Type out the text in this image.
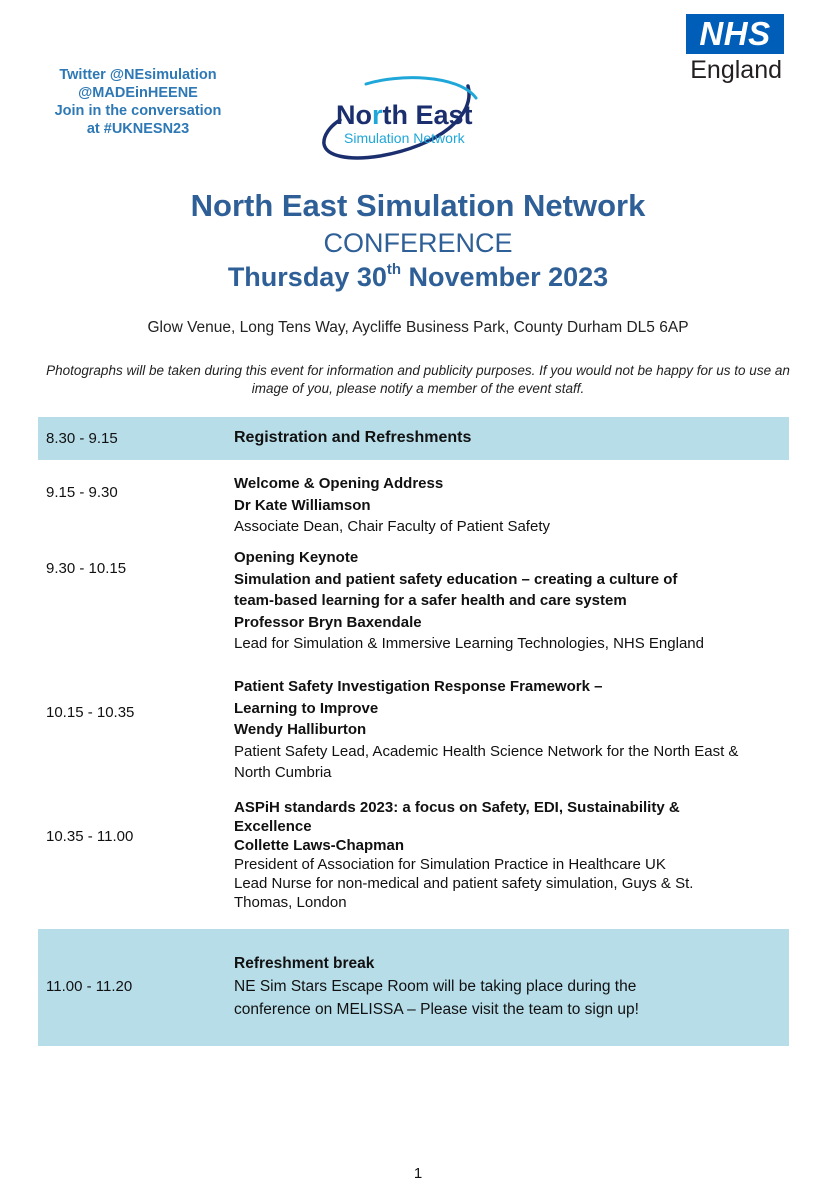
Twitter @NEsimulation
@MADEinHEENE
Join in the conversation
at #UKNESN23	North East
Simulation Network
NHS
England
North East Simulation Network
CONFERENCE
Thursday 30th November 2023
Glow Venue, Long Tens Way, Aycliffe Business Park, County Durham DL5 6AP
Photographs will be taken during this event for information and publicity purposes. If you would not be happy for us to use an image of you, please notify a member of the event staff.
8.30 - 9.15	Registration and Refreshments
9.15 - 9.30
Welcome & Opening Address
Dr Kate Williamson
Associate Dean, Chair Faculty of Patient Safety
9.30 - 10.15
Opening Keynote
Simulation and patient safety education – creating a culture of
team-based learning for a safer health and care system
Professor Bryn Baxendale
Lead for Simulation & Immersive Learning Technologies, NHS England
10.15 - 10.35
Patient Safety Investigation Response Framework –
Learning to Improve
Wendy Halliburton
Patient Safety Lead, Academic Health Science Network for the North East &
North Cumbria
10.35 - 11.00
ASPiH standards 2023: a focus on Safety, EDI, Sustainability &
Excellence
Collette Laws-Chapman
President of Association for Simulation Practice in Healthcare UK
Lead Nurse for non-medical and patient safety simulation, Guys & St.
Thomas, London
11.00 - 11.20
Refreshment break
NE Sim Stars Escape Room will be taking place during the
conference on MELISSA – Please visit the team to sign up!
1
